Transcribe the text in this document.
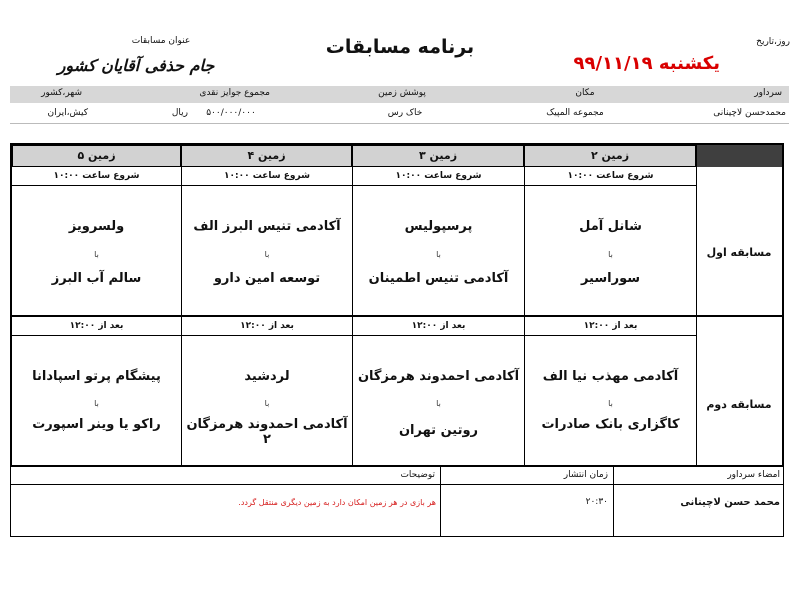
عنوان مسابقات
جام حذفی آقایان کشور
برنامه مسابقات	روز،تاریخ
یکشنبه ۹۹/۱۱/۱۹
سرداور
مکان
پوشش زمین
مجموع جوایز نقدی
شهر،کشور
محمدحسن لاچینانی
مجموعه المپیک
خاک رس
۵۰۰/۰۰۰/۰۰۰
ریال
کیش،ایران
زمین ۲
زمین ۳
زمین ۴
زمین ۵
مسابقه اول
شروع ساعت ۱۰:۰۰
شروع ساعت ۱۰:۰۰
شروع ساعت ۱۰:۰۰
شروع ساعت ۱۰:۰۰
شانل آمل
با
سوراسیر
پرسپولیس
با
آکادمی تنیس اطمینان
آکادمی تنیس البرز الف
با
توسعه امین دارو
ولسرویز
با
سالم آب البرز
مسابقه دوم
بعد از ۱۲:۰۰
بعد از ۱۲:۰۰
بعد از ۱۲:۰۰
بعد از ۱۲:۰۰
آکادمی مهذب نیا الف
با
کاگزاری بانک صادرات
آکادمی احمدوند هرمزگان
با
روتین تهران
لردشید
با
آکادمی احمدوند هرمزگان ۲
پیشگام پرتو اسپادانا
با
راکو یا وینر اسپورت
امضاء سرداور
زمان انتشار
توضیحات
محمد حسن لاچینانی
۲۰:۳۰
هر بازی در هر زمین امکان دارد به زمین دیگری منتقل گردد.
